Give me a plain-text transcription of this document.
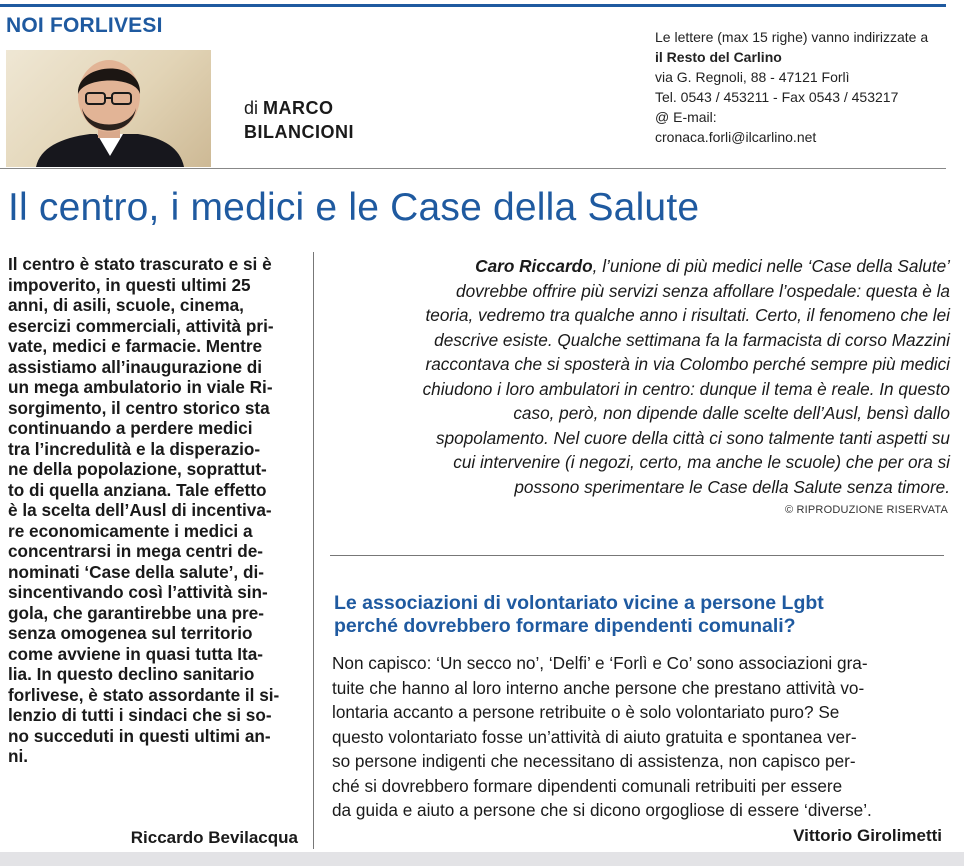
NOI FORLIVESI
di MARCO
BILANCIONI
Le lettere (max 15 righe) vanno indirizzate a
il Resto del Carlino
via G. Regnoli, 88 - 47121 Forlì
Tel. 0543 / 453211 - Fax 0543 / 453217
@ E-mail:
cronaca.forli@ilcarlino.net
Il centro, i medici e le Case della Salute
Il centro è stato trascurato e si è
impoverito, in questi ultimi 25
anni, di asili, scuole, cinema,
esercizi commerciali, attività pri-
vate, medici e farmacie. Mentre
assistiamo all’inaugurazione di
un mega ambulatorio in viale Ri-
sorgimento, il centro storico sta
continuando a perdere medici
tra l’incredulità e la disperazio-
ne della popolazione, soprattut-
to di quella anziana. Tale effetto
è la scelta dell’Ausl di incentiva-
re economicamente i medici a
concentrarsi in mega centri de-
nominati ‘Case della salute’, di-
sincentivando così l’attività sin-
gola, che garantirebbe una pre-
senza omogenea sul territorio
come avviene in quasi tutta Ita-
lia. In questo declino sanitario
forlivese, è stato assordante il si-
lenzio di tutti i sindaci che si so-
no succeduti in questi ultimi an-
ni.
Riccardo Bevilacqua
Caro Riccardo, l’unione di più medici nelle ‘Case della Salute’
dovrebbe offrire più servizi senza affollare l’ospedale: questa è la
teoria, vedremo tra qualche anno i risultati. Certo, il fenomeno che lei
descrive esiste. Qualche settimana fa la farmacista di corso Mazzini
raccontava che si sposterà in via Colombo perché sempre più medici
chiudono i loro ambulatori in centro: dunque il tema è reale. In questo
caso, però, non dipende dalle scelte dell’Ausl, bensì dallo
spopolamento. Nel cuore della città ci sono talmente tanti aspetti su
cui intervenire (i negozi, certo, ma anche le scuole) che per ora si
possono sperimentare le Case della Salute senza timore.
© RIPRODUZIONE RISERVATA
Le associazioni di volontariato vicine a persone Lgbt
perché dovrebbero formare dipendenti comunali?
Non capisco: ‘Un secco no’, ‘Delfi’ e ‘Forlì e Co’ sono associazioni gra-
tuite che hanno al loro interno anche persone che prestano attività vo-
lontaria accanto a persone retribuite o è solo volontariato puro? Se
questo volontariato fosse un’attività di aiuto gratuita e spontanea ver-
so persone indigenti che necessitano di assistenza, non capisco per-
ché si dovrebbero formare dipendenti comunali retribuiti per essere
da guida e aiuto a persone che si dicono orgogliose di essere ‘diverse’.
Vittorio Girolimetti
